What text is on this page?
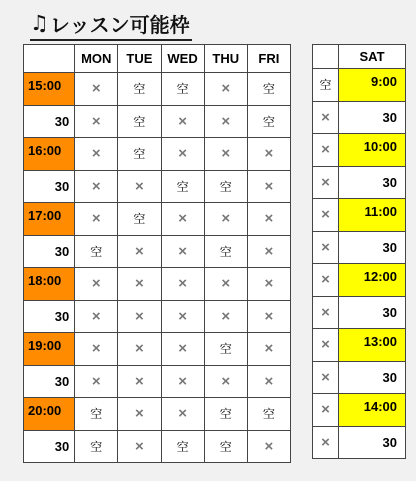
♫ レッスン可能枠
	MON	TUE	WED	THU	FRI
15:00	×	空	空	×	空
30	×	空	×	×	空
16:00	×	空	×	×	×
30	×	×	空	空	×
17:00	×	空	×	×	×
30	空	×	×	空	×
18:00	×	×	×	×	×
30	×	×	×	×	×
19:00	×	×	×	空	×
30	×	×	×	×	×
20:00	空	×	×	空	空
30	空	×	空	空	×
	SAT
空	9:00
×	30
×	10:00
×	30
×	11:00
×	30
×	12:00
×	30
×	13:00
×	30
×	14:00
×	30
